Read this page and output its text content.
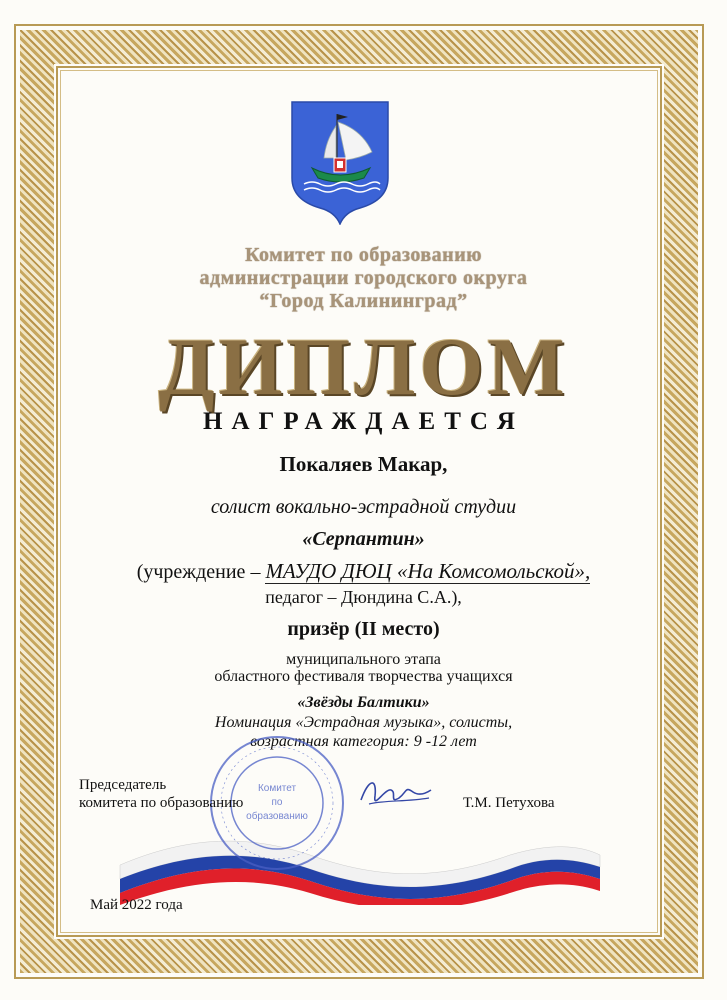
Комитет по образованию
администрации городского округа
“Город Калининград”
ДИПЛОМ
НАГРАЖДАЕТСЯ
Покаляев Макар,
солист вокально-эстрадной студии
«Серпантин»
(учреждение – МАУДО ДЮЦ «На Комсомольской»,
педагог – Дюндина С.А.),
призёр (II место)
муниципального этапа
областного фестиваля творчества учащихся
«Звёзды Балтики»
Номинация «Эстрадная музыка», солисты,
возрастная категория: 9 -12 лет
Комитет
по
образованию
Председатель
комитета по образованию	Т.М. Петухова
Май 2022 года
